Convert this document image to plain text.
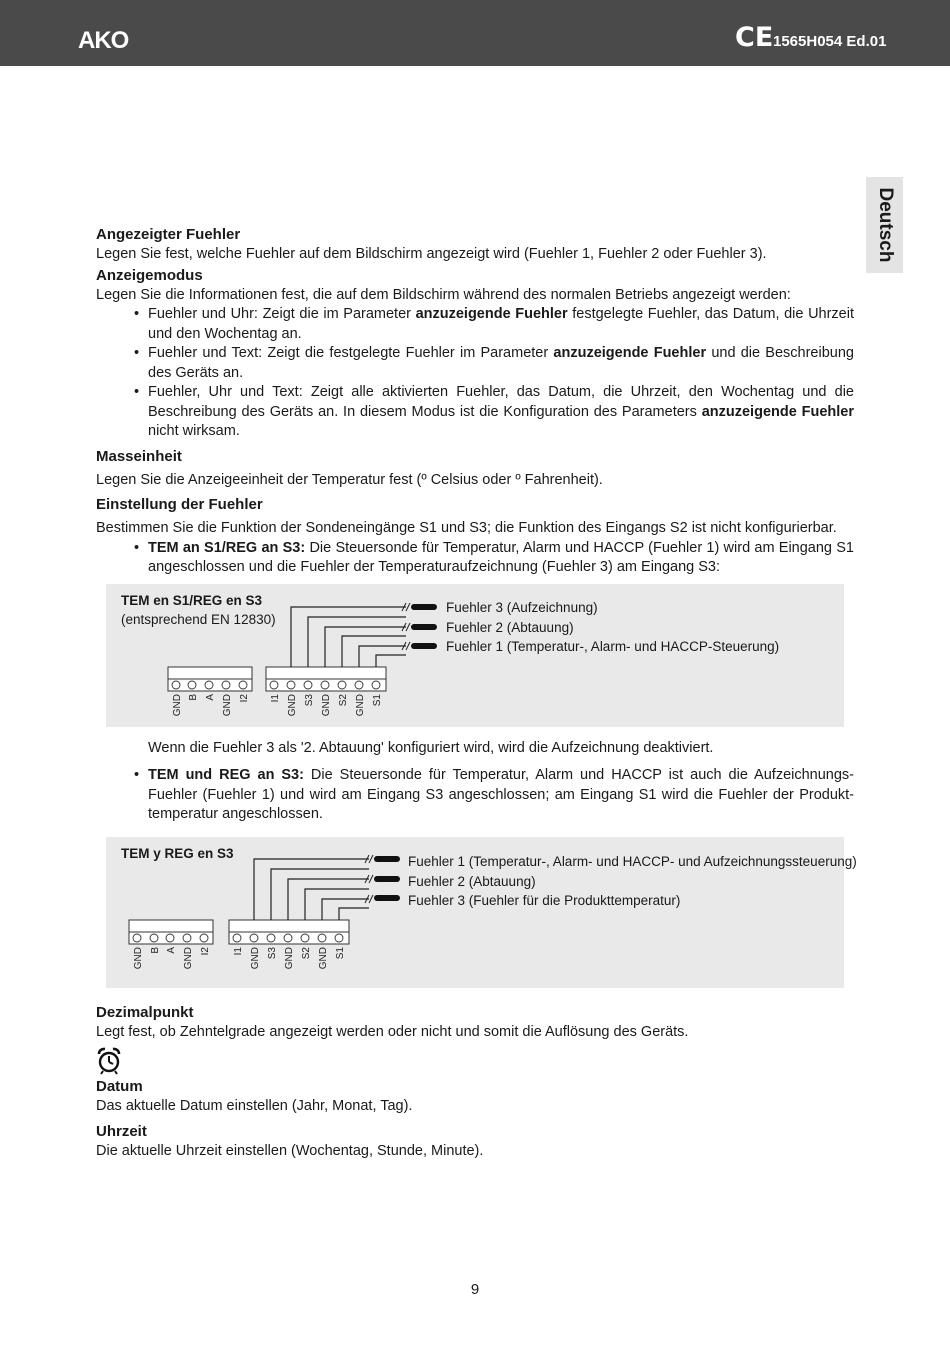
AKO	CE 1565H054 Ed.01
Deutsch
Angezeigter Fuehler

Legen Sie fest, welche Fuehler auf dem Bildschirm angezeigt wird (Fuehler 1, Fuehler 2 oder Fuehler 3).

Anzeigemodus

Legen Sie die Informationen fest, die auf dem Bildschirm während des normalen Betriebs angezeigt werden:

• Fuehler und Uhr: Zeigt die im Parameter anzuzeigende Fuehler festgelegte Fuehler, das Datum, die Uhrzeit und den Wochentag an.
• Fuehler und Text: Zeigt die festgelegte Fuehler im Parameter anzuzeigende Fuehler und die Beschreibung des Geräts an.
• Fuehler, Uhr und Text: Zeigt alle aktivierten Fuehler, das Datum, die Uhrzeit, den Wochentag und die Beschreibung des Geräts an. In diesem Modus ist die Konfiguration des Parameters anzuzeigende Fuehler nicht wirksam.
Masseinheit

Legen Sie die Anzeigeeinheit der Temperatur fest (º Celsius oder º Fahrenheit).

Einstellung der Fuehler

Bestimmen Sie die Funktion der Sondeneingänge S1 und S3; die Funktion des Eingangs S2 ist nicht konfigurierbar.

• TEM an S1/REG an S3: Die Steuersonde für Temperatur, Alarm und HACCP (Fuehler 1) wird am Eingang S1 angeschlossen und die Fuehler der Temperaturaufzeichnung (Fuehler 3) am Eingang S3:
TEM en S1/REG en S3
(entsprechend EN 12830)
Fuehler 3 (Aufzeichnung)
Fuehler 2 (Abtauung)
Fuehler 1 (Temperatur-, Alarm- und HACCP-Steuerung)
GND B A GND I2 I1 GND S3 GND S2 GND S1

Wenn die Fuehler 3 als '2. Abtauung' konfiguriert wird, wird die Aufzeichnung deaktiviert.

• TEM und REG an S3: Die Steuersonde für Temperatur, Alarm und HACCP ist auch die Aufzeichnungs-Fuehler (Fuehler 1) und wird am Eingang S3 angeschlossen; am Eingang S1 wird die Fuehler der Produkt-temperatur angeschlossen.
TEM y REG en S3
Fuehler 1 (Temperatur-, Alarm- und HACCP- und Aufzeichnungssteuerung)
Fuehler 2 (Abtauung)
Fuehler 3 (Fuehler für die Produkttemperatur)
GND B A GND I2 I1 GND S3 GND S2 GND S1
Dezimalpunkt

Legt fest, ob Zehntelgrade angezeigt werden oder nicht und somit die Auflösung des Geräts.

Datum

Das aktuelle Datum einstellen (Jahr, Monat, Tag).

Uhrzeit

Die aktuelle Uhrzeit einstellen (Wochentag, Stunde, Minute).

9
